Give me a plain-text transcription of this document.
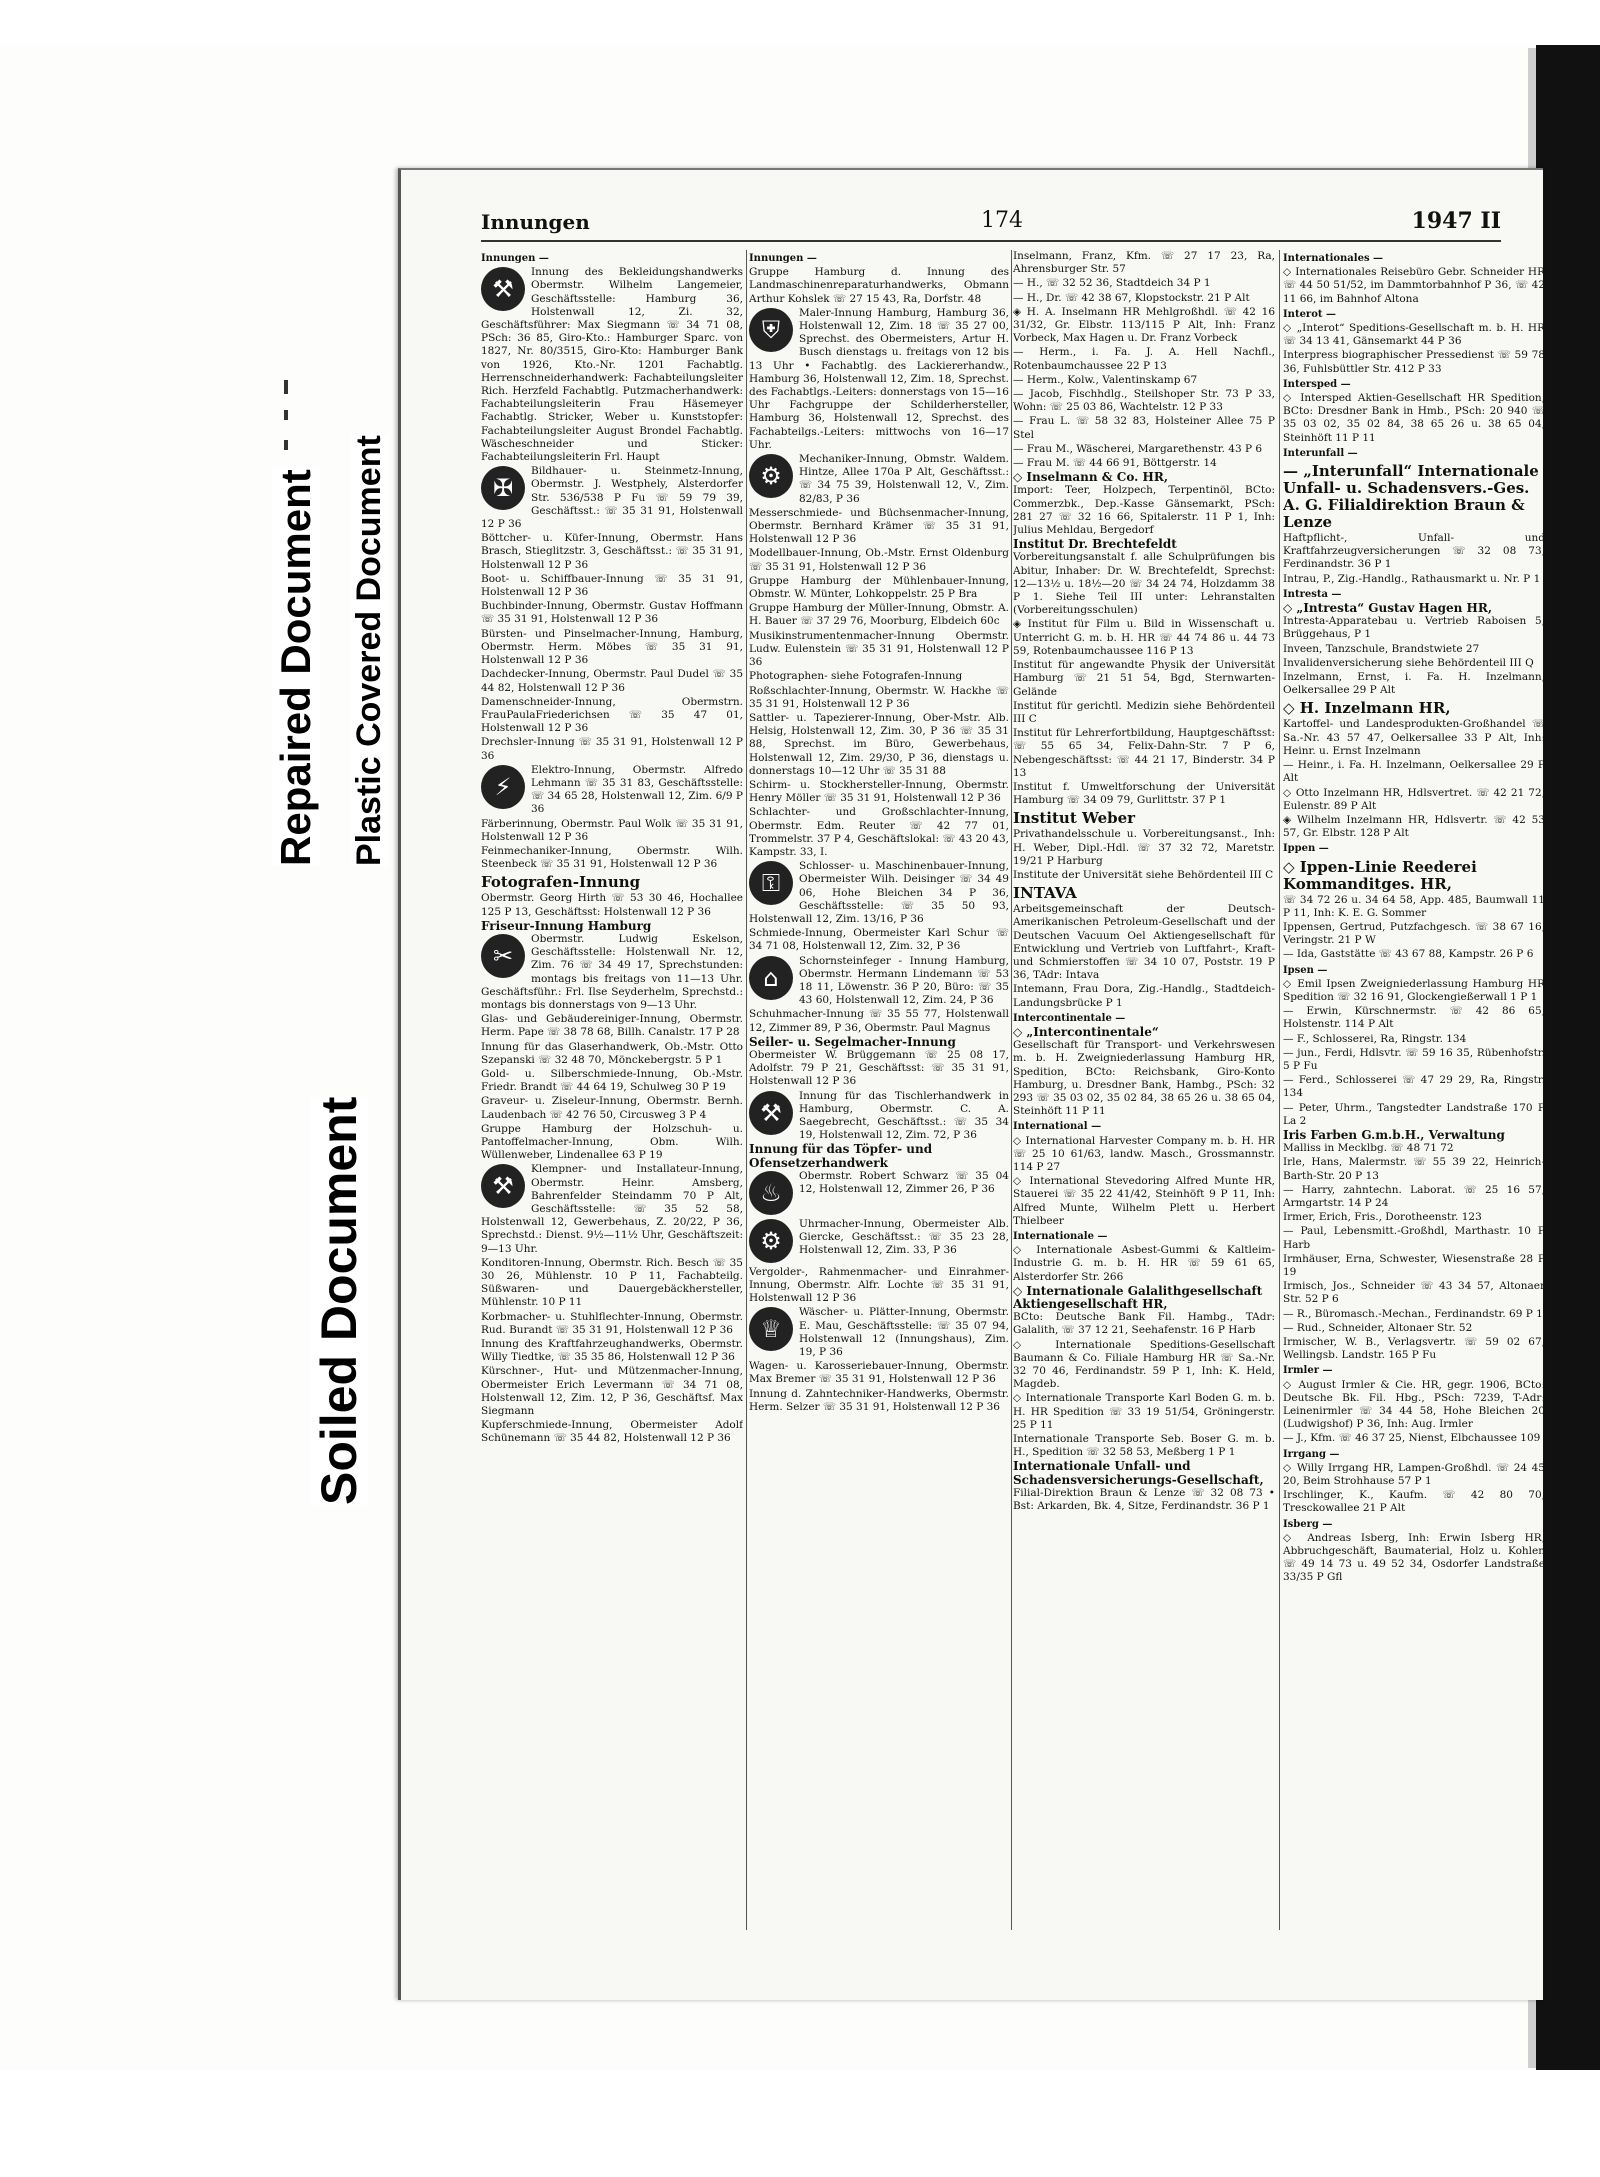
Soiled Document
Repaired Document Plastic Covered Document
Innungen	174	1947 II
Innungen —
⚒
Innung des Bekleidungshandwerks Obermstr. Wilhelm Langemeier, Geschäftsstelle: Hamburg 36, Holstenwall 12, Zi. 32, Geschäftsführer: Max Siegmann ☏ 34 71 08, PSch: 36 85, Giro-Kto.: Hamburger Sparc. von 1827, Nr. 80/3515, Giro-Kto: Hamburger Bank von 1926, Kto.-Nr. 1201 Fachabtlg. Herrenschneiderhandwerk: Fachabteilungsleiter Rich. Herzfeld Fachabtlg. Putzmacherhandwerk: Fachabteilungsleiterin Frau Häsemeyer Fachabtlg. Stricker, Weber u. Kunststopfer: Fachabteilungsleiter August Brondel Fachabtlg. Wäscheschneider und Sticker: Fachabteilungsleiterin Frl. Haupt
✠
Bildhauer- u. Steinmetz-Innung, Obermstr. J. Westphely, Alsterdorfer Str. 536/538 P Fu ☏ 59 79 39, Geschäftsst.: ☏ 35 31 91, Holstenwall 12 P 36
Böttcher- u. Küfer-Innung, Obermstr. Hans Brasch, Stieglitzstr. 3, Geschäftsst.: ☏ 35 31 91, Holstenwall 12 P 36
Boot- u. Schiffbauer-Innung ☏ 35 31 91, Holstenwall 12 P 36
Buchbinder-Innung, Obermstr. Gustav Hoffmann ☏ 35 31 91, Holstenwall 12 P 36
Bürsten- und Pinselmacher-Innung, Hamburg, Obermstr. Herm. Möbes ☏ 35 31 91, Holstenwall 12 P 36
Dachdecker-Innung, Obermstr. Paul Dudel ☏ 35 44 82, Holstenwall 12 P 36
Damenschneider-Innung, Obermstrn. FrauPaulaFriederichsen ☏ 35 47 01, Holstenwall 12 P 36
Drechsler-Innung ☏ 35 31 91, Holstenwall 12 P 36
⚡
Elektro-Innung, Obermstr. Alfredo Lehmann ☏ 35 31 83, Geschäftsstelle: ☏ 34 65 28, Holstenwall 12, Zim. 6/9 P 36
Färberinnung, Obermstr. Paul Wolk ☏ 35 31 91, Holstenwall 12 P 36
Feinmechaniker-Innung, Obermstr. Wilh. Steenbeck ☏ 35 31 91, Holstenwall 12 P 36
Fotografen-Innung
Obermstr. Georg Hirth ☏ 53 30 46, Hochallee 125 P 13, Geschäftsst: Holstenwall 12 P 36
Friseur-Innung Hamburg
✂
Obermstr. Ludwig Eskelson, Geschäftsstelle: Holstenwall Nr. 12, Zim. 76 ☏ 34 49 17, Sprechstunden: montags bis freitags von 11—13 Uhr. Geschäftsführ.: Frl. Ilse Seyderhelm, Sprechstd.: montags bis donnerstags von 9—13 Uhr.
Glas- und Gebäudereiniger-Innung, Obermstr. Herm. Pape ☏ 38 78 68, Billh. Canalstr. 17 P 28
Innung für das Glaserhandwerk, Ob.-Mstr. Otto Szepanski ☏ 32 48 70, Mönckebergstr. 5 P 1
Gold- u. Silberschmiede-Innung, Ob.-Mstr. Friedr. Brandt ☏ 44 64 19, Schulweg 30 P 19
Graveur- u. Ziseleur-Innung, Obermstr. Bernh. Laudenbach ☏ 42 76 50, Circusweg 3 P 4
Gruppe Hamburg der Holzschuh- u. Pantoffelmacher-Innung, Obm. Wilh. Wüllenweber, Lindenallee 63 P 19
⚒
Klempner- und Installateur-Innung, Obermstr. Heinr. Amsberg, Bahrenfelder Steindamm 70 P Alt, Geschäftsstelle: ☏ 35 52 58, Holstenwall 12, Gewerbehaus, Z. 20/22, P 36, Sprechstd.: Dienst. 9½—11½ Uhr, Geschäftszeit: 9—13 Uhr.
Konditoren-Innung, Obermstr. Rich. Besch ☏ 35 30 26, Mühlenstr. 10 P 11, Fachabteilg. Süßwaren- und Dauergebäckhersteller, Mühlenstr. 10 P 11
Korbmacher- u. Stuhlflechter-Innung, Obermstr. Rud. Burandt ☏ 35 31 91, Holstenwall 12 P 36
Innung des Kraftfahrzeughandwerks, Obermstr. Willy Tiedtke, ☏ 35 35 86, Holstenwall 12 P 36
Kürschner-, Hut- und Mützenmacher-Innung, Obermeister Erich Levermann ☏ 34 71 08, Holstenwall 12, Zim. 12, P 36, Geschäftsf. Max Siegmann
Kupferschmiede-Innung, Obermeister Adolf Schünemann ☏ 35 44 82, Holstenwall 12 P 36
Innungen —
Gruppe Hamburg d. Innung des Landmaschinenreparaturhandwerks, Obmann Arthur Kohslek ☏ 27 15 43, Ra, Dorfstr. 48
⛨
Maler-Innung Hamburg, Hamburg 36, Holstenwall 12, Zim. 18 ☏ 35 27 00, Sprechst. des Obermeisters, Artur H. Busch dienstags u. freitags von 12 bis 13 Uhr • Fachabtlg. des Lackiererhandw., Hamburg 36, Holstenwall 12, Zim. 18, Sprechst. des Fachabtlgs.-Leiters: donnerstags von 15—16 Uhr Fachgruppe der Schilderhersteller, Hamburg 36, Holstenwall 12, Sprechst. des Fachabteilgs.-Leiters: mittwochs von 16—17 Uhr.
⚙
Mechaniker-Innung, Obmstr. Waldem. Hintze, Allee 170a P Alt, Geschäftsst.: ☏ 34 75 39, Holstenwall 12, V., Zim. 82/83, P 36
Messerschmiede- und Büchsenmacher-Innung, Obermstr. Bernhard Krämer ☏ 35 31 91, Holstenwall 12 P 36
Modellbauer-Innung, Ob.-Mstr. Ernst Oldenburg ☏ 35 31 91, Holstenwall 12 P 36
Gruppe Hamburg der Mühlenbauer-Innung, Obmstr. W. Münter, Lohkoppelstr. 25 P Bra
Gruppe Hamburg der Müller-Innung, Obmstr. A. H. Bauer ☏ 37 29 76, Moorburg, Elbdeich 60c
Musikinstrumentenmacher-Innung Obermstr. Ludw. Eulenstein ☏ 35 31 91, Holstenwall 12 P 36
Photographen- siehe Fotografen-Innung
Roßschlachter-Innung, Obermstr. W. Hackhe ☏ 35 31 91, Holstenwall 12 P 36
Sattler- u. Tapezierer-Innung, Ober-Mstr. Alb. Helsig, Holstenwall 12, Zim. 30, P 36 ☏ 35 31 88, Sprechst. im Büro, Gewerbehaus, Holstenwall 12, Zim. 29/30, P 36, dienstags u. donnerstags 10—12 Uhr ☏ 35 31 88
Schirm- u. Stockhersteller-Innung, Obermstr. Henry Möller ☏ 35 31 91, Holstenwall 12 P 36
Schlachter- und Großschlachter-Innung, Obermstr. Edm. Reuter ☏ 42 77 01, Trommelstr. 37 P 4, Geschäftslokal: ☏ 43 20 43, Kampstr. 33, I.
⚿
Schlosser- u. Maschinenbauer-Innung, Obermeister Wilh. Deisinger ☏ 34 49 06, Hohe Bleichen 34 P 36, Geschäftsstelle: ☏ 35 50 93, Holstenwall 12, Zim. 13/16, P 36
Schmiede-Innung, Obermeister Karl Schur ☏ 34 71 08, Holstenwall 12, Zim. 32, P 36
⌂
Schornsteinfeger - Innung Hamburg, Obermstr. Hermann Lindemann ☏ 53 18 11, Löwenstr. 36 P 20, Büro: ☏ 35 43 60, Holstenwall 12, Zim. 24, P 36
Schuhmacher-Innung ☏ 35 55 77, Holstenwall 12, Zimmer 89, P 36, Obermstr. Paul Magnus
Seiler- u. Segelmacher-Innung
Obermeister W. Brüggemann ☏ 25 08 17, Adolfstr. 79 P 21, Geschäftsst: ☏ 35 31 91, Holstenwall 12 P 36
⚒
Innung für das Tischlerhandwerk in Hamburg, Obermstr. C. A. Saegebrecht, Geschäftsst.: ☏ 35 34 19, Holstenwall 12, Zim. 72, P 36
Innung für das Töpfer- und Ofensetzerhandwerk
♨
Obermstr. Robert Schwarz ☏ 35 04 12, Holstenwall 12, Zimmer 26, P 36
⚙
Uhrmacher-Innung, Obermeister Alb. Giercke, Geschäftsst.: ☏ 35 23 28, Holstenwall 12, Zim. 33, P 36
Vergolder-, Rahmenmacher- und Einrahmer-Innung, Obermstr. Alfr. Lochte ☏ 35 31 91, Holstenwall 12 P 36
♕
Wäscher- u. Plätter-Innung, Obermstr. E. Mau, Geschäftsstelle: ☏ 35 07 94, Holstenwall 12 (Innungshaus), Zim. 19, P 36
Wagen- u. Karosseriebauer-Innung, Obermstr. Max Bremer ☏ 35 31 91, Holstenwall 12 P 36
Innung d. Zahntechniker-Handwerks, Obermstr. Herm. Selzer ☏ 35 31 91, Holstenwall 12 P 36
Inselmann, Franz, Kfm. ☏ 27 17 23, Ra, Ahrensburger Str. 57
— H., ☏ 32 52 36, Stadtdeich 34 P 1
— H., Dr. ☏ 42 38 67, Klopstockstr. 21 P Alt
◈ H. A. Inselmann HR Mehlgroßhdl. ☏ 42 16 31/32, Gr. Elbstr. 113/115 P Alt, Inh: Franz Vorbeck, Max Hagen u. Dr. Franz Vorbeck
— Herm., i. Fa. J. A. Hell Nachfl., Rotenbaumchaussee 22 P 13
— Herm., Kolw., Valentinskamp 67
— Jacob, Fischhdlg., Steilshoper Str. 73 P 33, Wohn: ☏ 25 03 86, Wachtelstr. 12 P 33
— Frau L. ☏ 58 32 83, Holsteiner Allee 75 P Stel
— Frau M., Wäscherei, Margarethenstr. 43 P 6
— Frau M. ☏ 44 66 91, Böttgerstr. 14
◇ Inselmann & Co. HR,
Import: Teer, Holzpech, Terpentinöl, BCto: Commerzbk., Dep.-Kasse Gänsemarkt, PSch: 281 27 ☏ 32 16 66, Spitalerstr. 11 P 1, Inh: Julius Mehldau, Bergedorf
Institut Dr. Brechtefeldt
Vorbereitungsanstalt f. alle Schulprüfungen bis Abitur, Inhaber: Dr. W. Brechtefeldt, Sprechst: 12—13½ u. 18½—20 ☏ 34 24 74, Holzdamm 38 P 1. Siehe Teil III unter: Lehranstalten (Vorbereitungsschulen)
◈ Institut für Film u. Bild in Wissenschaft u. Unterricht G. m. b. H. HR ☏ 44 74 86 u. 44 73 59, Rotenbaumchaussee 116 P 13
Institut für angewandte Physik der Universität Hamburg ☏ 21 51 54, Bgd, Sternwarten-Gelände
Institut für gerichtl. Medizin siehe Behördenteil III C
Institut für Lehrerfortbildung, Hauptgeschäftsst: ☏ 55 65 34, Felix-Dahn-Str. 7 P 6, Nebengeschäftsst: ☏ 44 21 17, Binderstr. 34 P 13
Institut f. Umweltforschung der Universität Hamburg ☏ 34 09 79, Gurlittstr. 37 P 1
Institut Weber
Privathandelsschule u. Vorbereitungsanst., Inh: H. Weber, Dipl.-Hdl. ☏ 37 32 72, Maretstr. 19/21 P Harburg
Institute der Universität siehe Behördenteil III C
INTAVA
Arbeitsgemeinschaft der Deutsch-Amerikanischen Petroleum-Gesellschaft und der Deutschen Vacuum Oel Aktiengesellschaft für Entwicklung und Vertrieb von Luftfahrt-, Kraft- und Schmierstoffen ☏ 34 10 07, Poststr. 19 P 36, TAdr: Intava
Intemann, Frau Dora, Zig.-Handlg., Stadtdeich-Landungsbrücke P 1
Intercontinentale —
◇ „Intercontinentale“
Gesellschaft für Transport- und Verkehrswesen m. b. H. Zweigniederlassung Hamburg HR, Spedition, BCto: Reichsbank, Giro-Konto Hamburg, u. Dresdner Bank, Hambg., PSch: 32 293 ☏ 35 03 02, 35 02 84, 38 65 26 u. 38 65 04, Steinhöft 11 P 11
International —
◇ International Harvester Company m. b. H. HR ☏ 25 10 61/63, landw. Masch., Grossmannstr. 114 P 27
◇ International Stevedoring Alfred Munte HR, Stauerei ☏ 35 22 41/42, Steinhöft 9 P 11, Inh: Alfred Munte, Wilhelm Plett u. Herbert Thielbeer
Internationale —
◇ Internationale Asbest-Gummi & Kaltleim-Industrie G. m. b. H. HR ☏ 59 61 65, Alsterdorfer Str. 266
◇ Internationale Galalithgesellschaft Aktiengesellschaft HR,
BCto: Deutsche Bank Fil. Hambg., TAdr: Galalith, ☏ 37 12 21, Seehafenstr. 16 P Harb
◇ Internationale Speditions-Gesellschaft Baumann & Co. Filiale Hamburg HR ☏ Sa.-Nr. 32 70 46, Ferdinandstr. 59 P 1, Inh: K. Held, Magdeb.
◇ Internationale Transporte Karl Boden G. m. b. H. HR Spedition ☏ 33 19 51/54, Gröningerstr. 25 P 11
Internationale Transporte Seb. Boser G. m. b. H., Spedition ☏ 32 58 53, Meßberg 1 P 1
Internationale Unfall- und Schadensversicherungs-Gesellschaft,
Filial-Direktion Braun & Lenze ☏ 32 08 73 • Bst: Arkarden, Bk. 4, Sitze, Ferdinandstr. 36 P 1
Internationales —
◇ Internationales Reisebüro Gebr. Schneider HR ☏ 44 50 51/52, im Dammtorbahnhof P 36, ☏ 42 11 66, im Bahnhof Altona
Interot —
◇ „Interot“ Speditions-Gesellschaft m. b. H. HR ☏ 34 13 41, Gänsemarkt 44 P 36
Interpress biographischer Pressedienst ☏ 59 78 36, Fuhlsbüttler Str. 412 P 33
Intersped —
◇ Intersped Aktien-Gesellschaft HR Spedition, BCto: Dresdner Bank in Hmb., PSch: 20 940 ☏ 35 03 02, 35 02 84, 38 65 26 u. 38 65 04, Steinhöft 11 P 11
Interunfall —
— „Interunfall“ Internationale Unfall- u. Schadensvers.-Ges. A. G. Filialdirektion Braun & Lenze
Haftpflicht-, Unfall- und Kraftfahrzeugversicherungen ☏ 32 08 73, Ferdinandstr. 36 P 1
Intrau, P., Zig.-Handlg., Rathausmarkt u. Nr. P 1
Intresta —
◇ „Intresta“ Gustav Hagen HR,
Intresta-Apparatebau u. Vertrieb Raboisen 5, Brüggehaus, P 1
Inveen, Tanzschule, Brandstwiete 27
Invalidenversicherung siehe Behördenteil III Q
Inzelmann, Ernst, i. Fa. H. Inzelmann, Oelkersallee 29 P Alt
◇ H. Inzelmann HR,
Kartoffel- und Landesprodukten-Großhandel ☏ Sa.-Nr. 43 57 47, Oelkersallee 33 P Alt, Inh: Heinr. u. Ernst Inzelmann
— Heinr., i. Fa. H. Inzelmann, Oelkersallee 29 P Alt
◇ Otto Inzelmann HR, Hdlsvertret. ☏ 42 21 72, Eulenstr. 89 P Alt
◈ Wilhelm Inzelmann HR, Hdlsvertr. ☏ 42 53 57, Gr. Elbstr. 128 P Alt
Ippen —
◇ Ippen-Linie Reederei Kommanditges. HR,
☏ 34 72 26 u. 34 64 58, App. 485, Baumwall 11 P 11, Inh: K. E. G. Sommer
Ippensen, Gertrud, Putzfachgesch. ☏ 38 67 16, Veringstr. 21 P W
— Ida, Gaststätte ☏ 43 67 88, Kampstr. 26 P 6
Ipsen —
◇ Emil Ipsen Zweigniederlassung Hamburg HR Spedition ☏ 32 16 91, Glockengießerwall 1 P 1
— Erwin, Kürschnermstr. ☏ 42 86 65, Holstenstr. 114 P Alt
— F., Schlosserei, Ra, Ringstr. 134
— jun., Ferdi, Hdlsvtr. ☏ 59 16 35, Rübenhofstr. 5 P Fu
— Ferd., Schlosserei ☏ 47 29 29, Ra, Ringstr. 134
— Peter, Uhrm., Tangstedter Landstraße 170 P La 2
Iris Farben G.m.b.H., Verwaltung
Malliss in Mecklbg. ☏ 48 71 72
Irle, Hans, Malermstr. ☏ 55 39 22, Heinrich-Barth-Str. 20 P 13
— Harry, zahntechn. Laborat. ☏ 25 16 57, Armgartstr. 14 P 24
Irmer, Erich, Fris., Dorotheenstr. 123
— Paul, Lebensmitt.-Großhdl, Marthastr. 10 P Harb
Irmhäuser, Erna, Schwester, Wiesenstraße 28 P 19
Irmisch, Jos., Schneider ☏ 43 34 57, Altonaer Str. 52 P 6
— R., Büromasch.-Mechan., Ferdinandstr. 69 P 1
— Rud., Schneider, Altonaer Str. 52
Irmischer, W. B., Verlagsvertr. ☏ 59 02 67, Wellingsb. Landstr. 165 P Fu
Irmler —
◇ August Irmler & Cie. HR, gegr. 1906, BCto: Deutsche Bk. Fil. Hbg., PSch: 7239, T-Adr: Leinenirmler ☏ 34 44 58, Hohe Bleichen 20 (Ludwigshof) P 36, Inh: Aug. Irmler
— J., Kfm. ☏ 46 37 25, Nienst, Elbchaussee 109
Irrgang —
◇ Willy Irrgang HR, Lampen-Großhdl. ☏ 24 45 20, Beim Strohhause 57 P 1
Irschlinger, K., Kaufm. ☏ 42 80 70, Tresckowallee 21 P Alt
Isberg —
◇ Andreas Isberg, Inh: Erwin Isberg HR, Abbruchgeschäft, Baumaterial, Holz u. Kohlen ☏ 49 14 73 u. 49 52 34, Osdorfer Landstraße 33/35 P Gfl
